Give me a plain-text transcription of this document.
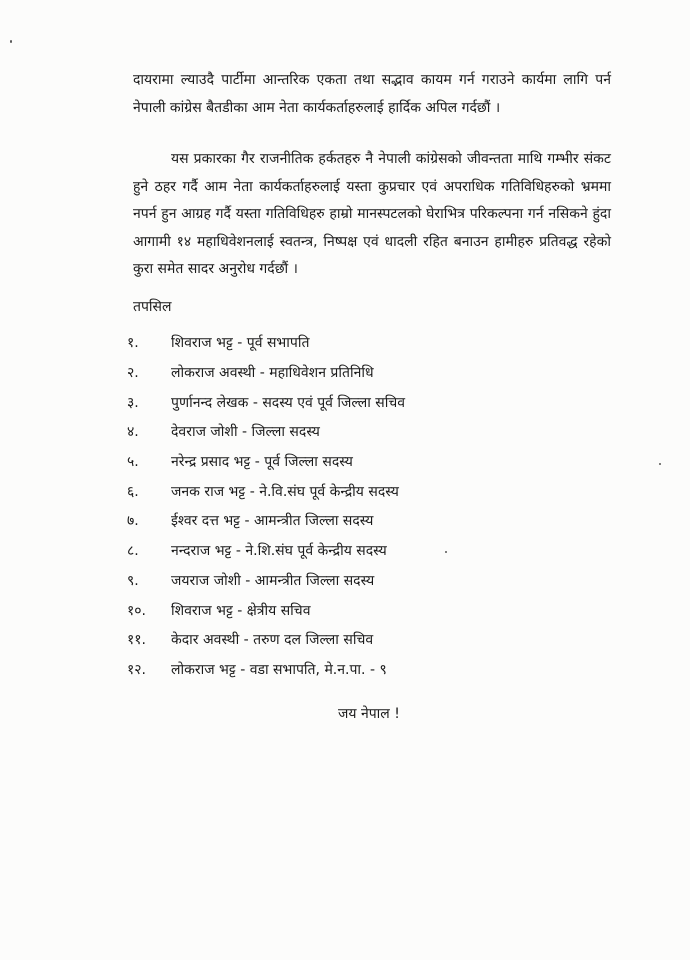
दायरामा ल्याउदै पार्टीमा आन्तरिक एकता तथा सद्भाव कायम गर्न गराउने कार्यमा लागि पर्न नेपाली कांग्रेस बैतडीका आम नेता कार्यकर्ताहरुलाई हार्दिक अपिल गर्दछौं ।

यस प्रकारका गैर राजनीतिक हर्कतहरु नै नेपाली कांग्रेसको जीवन्तता माथि गम्भीर संकट हुने ठहर गर्दै आम नेता कार्यकर्ताहरुलाई यस्ता कुप्रचार एवं अपराधिक गतिविधिहरुको भ्रममा नपर्न हुन आग्रह गर्दै यस्ता गतिविधिहरु हाम्रो मानस्पटलको घेराभित्र परिकल्पना गर्न नसिकने हुंदा आगामी १४ महाधिवेशनलाई स्वतन्त्र, निष्पक्ष एवं धादली रहित बनाउन हामीहरु प्रतिवद्ध रहेको कुरा समेत सादर अनुरोध गर्दछौं ।

तपसिल
१.	शिवराज भट्ट - पूर्व सभापति
२.	लोकराज अवस्थी - महाधिवेशन प्रतिनिधि
३.	पुर्णानन्द लेखक - सदस्य एवं पूर्व जिल्ला सचिव
४.	देवराज जोशी - जिल्ला सदस्य
५.	नरेन्द्र प्रसाद भट्ट - पूर्व जिल्ला सदस्य
६.	जनक राज भट्ट - ने.वि.संघ पूर्व केन्द्रीय सदस्य
७.	ईश्वर दत्त भट्ट - आमन्त्रीत जिल्ला सदस्य
८.	नन्दराज भट्ट - ने.शि.संघ पूर्व केन्द्रीय सदस्य
९.	जयराज जोशी - आमन्त्रीत जिल्ला सदस्य
१०.	शिवराज भट्ट - क्षेत्रीय सचिव
११.	केदार अवस्थी - तरुण दल जिल्ला सचिव
१२.	लोकराज भट्ट - वडा सभापति, मे.न.पा. - ९
जय नेपाल !
